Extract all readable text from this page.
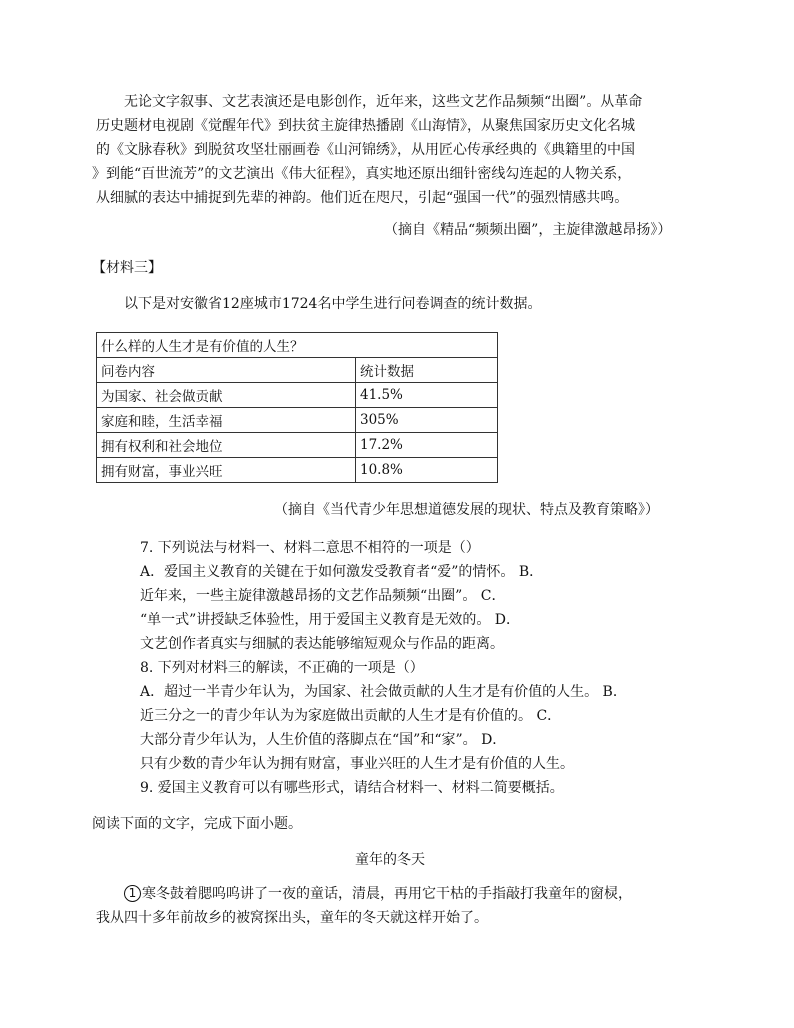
无论文字叙事、文艺表演还是电影创作，近年来，这些文艺作品频频“出圈”。从革命
历史题材电视剧《觉醒年代》到扶贫主旋律热播剧《山海情》，从聚焦国家历史文化名城
的《文脉春秋》到脱贫攻坚壮丽画卷《山河锦绣》，从用匠心传承经典的《典籍里的中国
》到能“百世流芳”的文艺演出《伟大征程》，真实地还原出细针密线勾连起的人物关系，
从细腻的表达中捕捉到先辈的神韵。他们近在咫尺，引起“强国一代”的强烈情感共鸣。
（摘自《精品“频频出圈”，主旋律激越昂扬》）
【材料三】
以下是对安徽省12座城市1724名中学生进行问卷调查的统计数据。
什么样的人生才是有价值的人生？	
问卷内容	统计数据
为国家、社会做贡献	41.5%
家庭和睦，生活幸福	305%
拥有权利和社会地位	17.2%
拥有财富，事业兴旺	10.8%
（摘自《当代青少年思想道德发展的现状、特点及教育策略》）
7. 下列说法与材料一、材料二意思不相符的一项是（）
A．爱国主义教育的关键在于如何激发受教育者“爱”的情怀。 B．
近年来，一些主旋律激越昂扬的文艺作品频频“出圈”。 C．
“单一式”讲授缺乏体验性，用于爱国主义教育是无效的。 D．
文艺创作者真实与细腻的表达能够缩短观众与作品的距离。
8. 下列对材料三的解读，不正确的一项是（）
A．超过一半青少年认为，为国家、社会做贡献的人生才是有价值的人生。 B．
近三分之一的青少年认为为家庭做出贡献的人生才是有价值的。 C．
大部分青少年认为，人生价值的落脚点在“国”和“家”。 D．
只有少数的青少年认为拥有财富，事业兴旺的人生才是有价值的人生。
9. 爱国主义教育可以有哪些形式，请结合材料一、材料二简要概括。
阅读下面的文字，完成下面小题。
童年的冬天
1 寒冬鼓着腮呜呜讲了一夜的童话，清晨，再用它干枯的手指敲打我童年的窗棂，
我从四十多年前故乡的被窝探出头，童年的冬天就这样开始了。
